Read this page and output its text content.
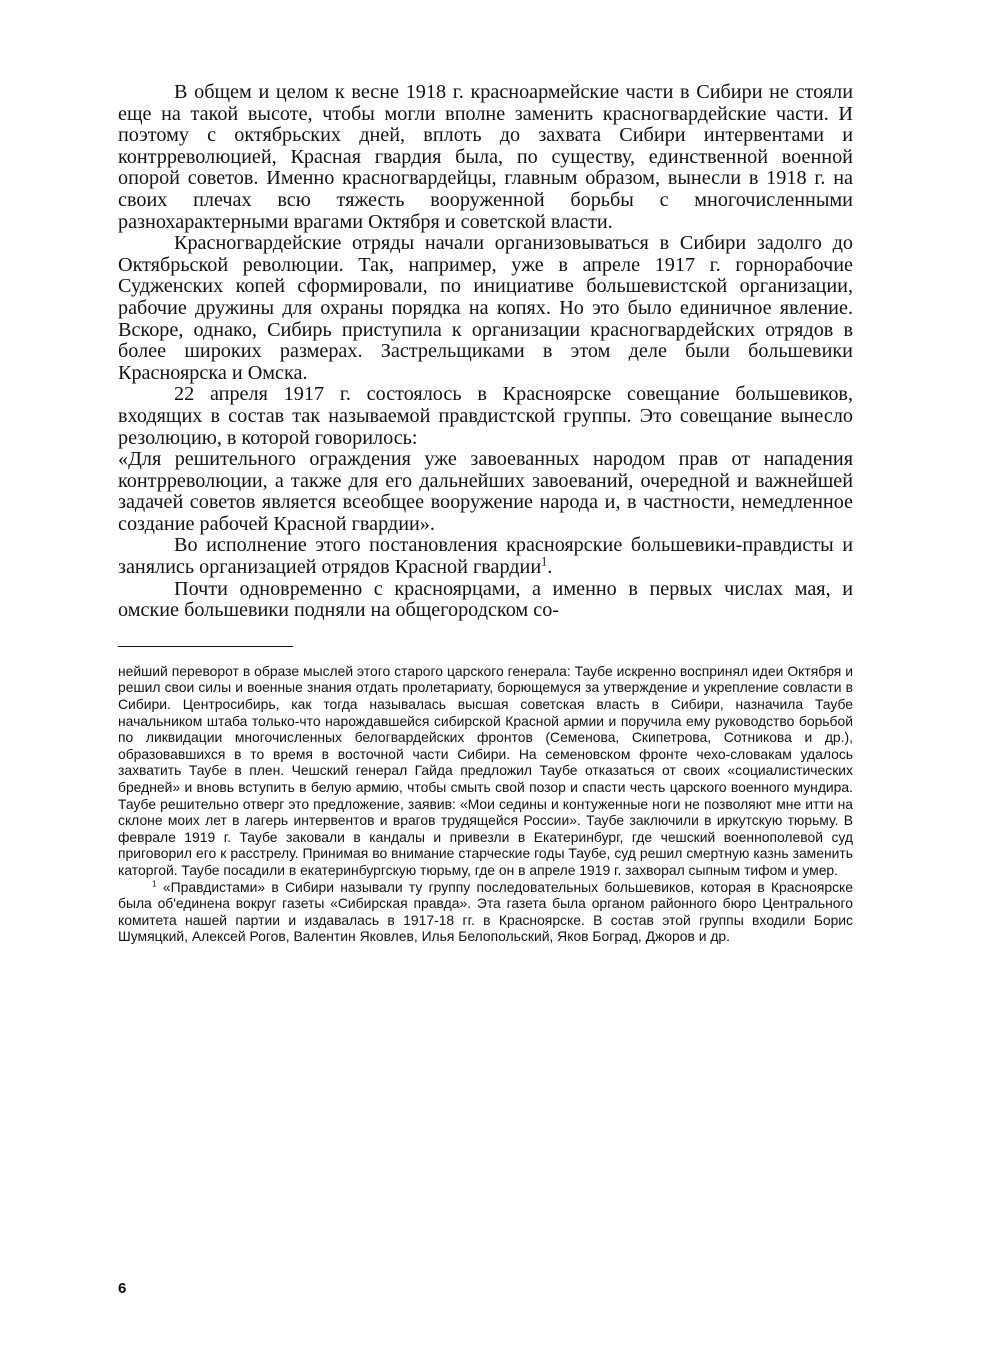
В общем и целом к весне 1918 г. красноармейские части в Сибири не стояли еще на такой высоте, чтобы могли вполне заменить красногвардейские части. И поэтому с октябрьских дней, вплоть до захвата Сибири интервентами и контрреволюцией, Красная гвардия была, по существу, единственной военной опорой советов. Именно красногвардейцы, главным образом, вынесли в 1918 г. на своих плечах всю тяжесть вооруженной борьбы с многочисленными разнохарактерными врагами Октября и советской власти.

Красногвардейские отряды начали организовываться в Сибири задолго до Октябрьской революции. Так, например, уже в апреле 1917 г. горнорабочие Судженских копей сформировали, по инициативе большевистской организации, рабочие дружины для охраны порядка на копях. Но это было единичное явление. Вскоре, однако, Сибирь приступила к организации красногвардейских отрядов в более широких размерах. Застрельщиками в этом деле были большевики Красноярска и Омска.

22 апреля 1917 г. состоялось в Красноярске совещание большевиков, входящих в состав так называемой правдистской группы. Это совещание вынесло резолюцию, в которой говорилось:

«Для решительного ограждения уже завоеванных народом прав от нападения контрреволюции, а также для его дальнейших завоеваний, очередной и важнейшей задачей советов является всеобщее вооружение народа и, в частности, немедленное создание рабочей Красной гвардии».

Во исполнение этого постановления красноярские большевики-правдисты и занялись организацией отрядов Красной гвардии$^1$.

Почти одновременно с красноярцами, а именно в первых числах мая, и омские большевики подняли на общегородском со-

нейший переворот в образе мыслей этого старого царского генерала: Таубе искренно воспринял идеи Октября и решил свои силы и военные знания отдать пролетариату, борющемуся за утверждение и укрепление совласти в Сибири. Центросибирь, как тогда называлась высшая советская власть в Сибири, назначила Таубе начальником штаба только-что нарождавшейся сибирской Красной армии и поручила ему руководство борьбой по ликвидации многочисленных белогвардейских фронтов (Семенова, Скипетрова, Сотникова и др.), образовавшихся в то время в восточной части Сибири. На семеновском фронте чехо-словакам удалось захватить Таубе в плен. Чешский генерал Гайда предложил Таубе отказаться от своих «социалистических бредней» и вновь вступить в белую армию, чтобы смыть свой позор и спасти честь царского военного мундира. Таубе решительно отверг это предложение, заявив: «Мои седины и контуженные ноги не позволяют мне итти на склоне моих лет в лагерь интервентов и врагов трудящейся России». Таубе заключили в иркутскую тюрьму. В феврале 1919 г. Таубе заковали в кандалы и привезли в Екатеринбург, где чешский военнополевой суд приговорил его к расстрелу. Принимая во внимание старческие годы Таубе, суд решил смертную казнь заменить каторгой. Таубе посадили в екатеринбургскую тюрьму, где он в апреле 1919 г. захворал сыпным тифом и умер.

$^1$ «Правдистами» в Сибири называли ту группу последовательных большевиков, которая в Красноярске была об'единена вокруг газеты «Сибирская правда». Эта газета была органом районного бюро Центрального комитета нашей партии и издавалась в 1917-18 гг. в Красноярске. В состав этой группы входили Борис Шумяцкий, Алексей Рогов, Валентин Яковлев, Илья Белопольский, Яков Боград, Джоров и др.

6
